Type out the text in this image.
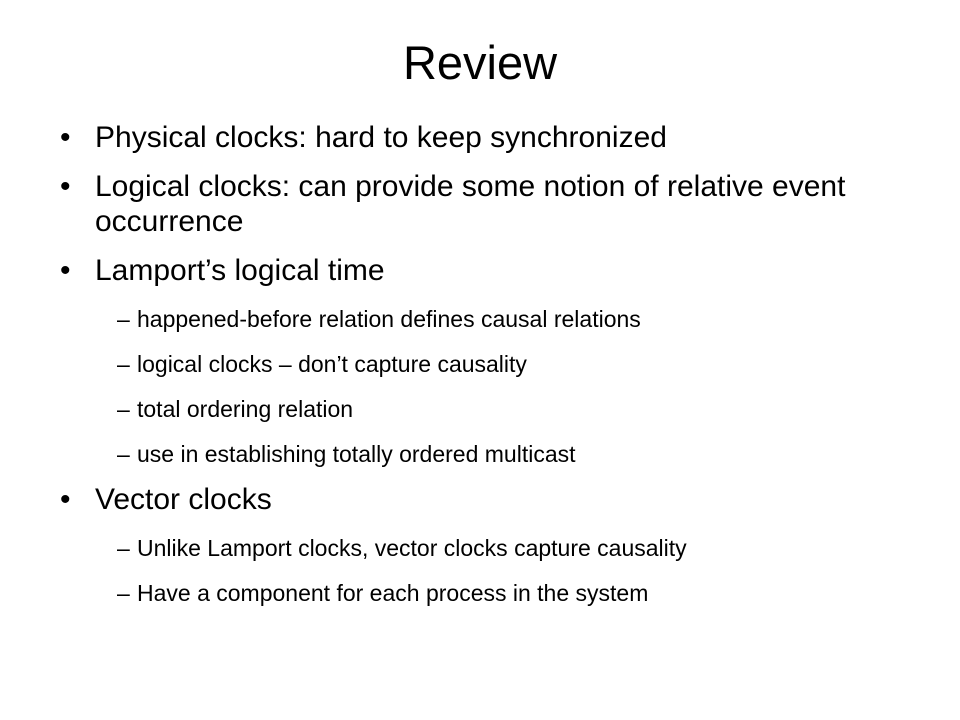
Review
• Physical clocks: hard to keep synchronized
• Logical clocks: can provide some notion of relative event occurrence
• Lamport’s logical time
– happened-before relation defines causal relations
– logical clocks – don’t capture causality
– total ordering relation
– use in establishing totally ordered multicast
• Vector clocks
– Unlike Lamport clocks, vector clocks capture causality
– Have a component for each process in the system
